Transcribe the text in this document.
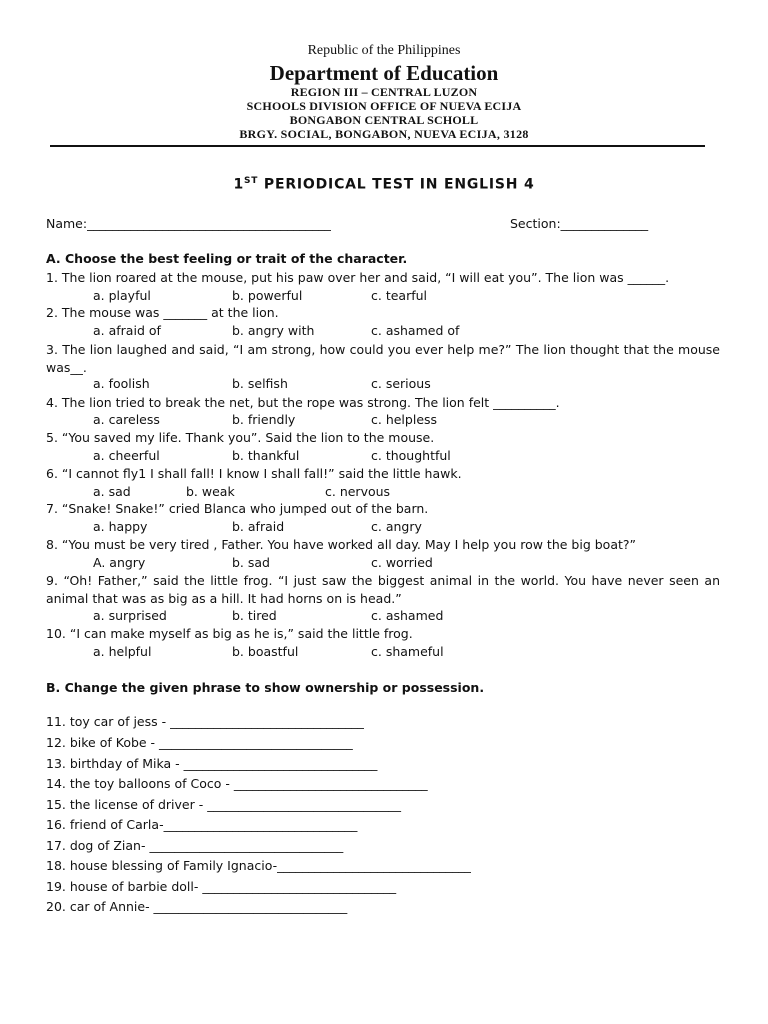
Republic of the Philippines
Department of Education
REGION III – CENTRAL LUZON
SCHOOLS DIVISION OFFICE OF NUEVA ECIJA
BONGABON CENTRAL SCHOLL
BRGY. SOCIAL, BONGABON, NUEVA ECIJA, 3128
1ST PERIODICAL TEST IN ENGLISH 4
Name:_______________________________________	Section:______________
A. Choose the best feeling or trait of the character.
1. The lion roared at the mouse, put his paw over her and said, “I will eat you”. The lion was ______.
a. playful	b. powerful	c. tearful
2. The mouse was _______ at the lion.
a. afraid of	b. angry with	c. ashamed of
3. The lion laughed and said, “I am strong, how could you ever help me?” The lion thought that the mouse was__.
a. foolish	b. selfish	c. serious
4. The lion tried to break the net, but the rope was strong. The lion felt __________.
a. careless	b. friendly	c. helpless
5. “You saved my life. Thank you”. Said the lion to the mouse.
a. cheerful	b. thankful	c. thoughtful
6. “I cannot fly1 I shall fall! I know I shall fall!” said the little hawk.
a. sad	b. weak	c. nervous
7. “Snake! Snake!” cried Blanca who jumped out of the barn.
a. happy	b. afraid	c. angry
8. “You must be very tired , Father. You have worked all day. May I help you row the big boat?”
A. angry	b. sad	c. worried
9. “Oh! Father,” said the little frog. “I just saw the biggest animal in the world. You have never seen an animal that was as big as a hill. It had horns on is head.”
a. surprised	b. tired	c. ashamed
10. “I can make myself as big as he is,” said the little frog.
a. helpful	b. boastful	c. shameful
B. Change the given phrase to show ownership or possession.
11. toy car of jess - _______________________________
12. bike of Kobe - _______________________________
13. birthday of Mika - _______________________________
14. the toy balloons of Coco - _______________________________
15. the license of driver - _______________________________
16. friend of Carla-_______________________________
17. dog of Zian- _______________________________
18. house blessing of Family Ignacio-_______________________________
19. house of barbie doll- _______________________________
20. car of Annie- _______________________________
